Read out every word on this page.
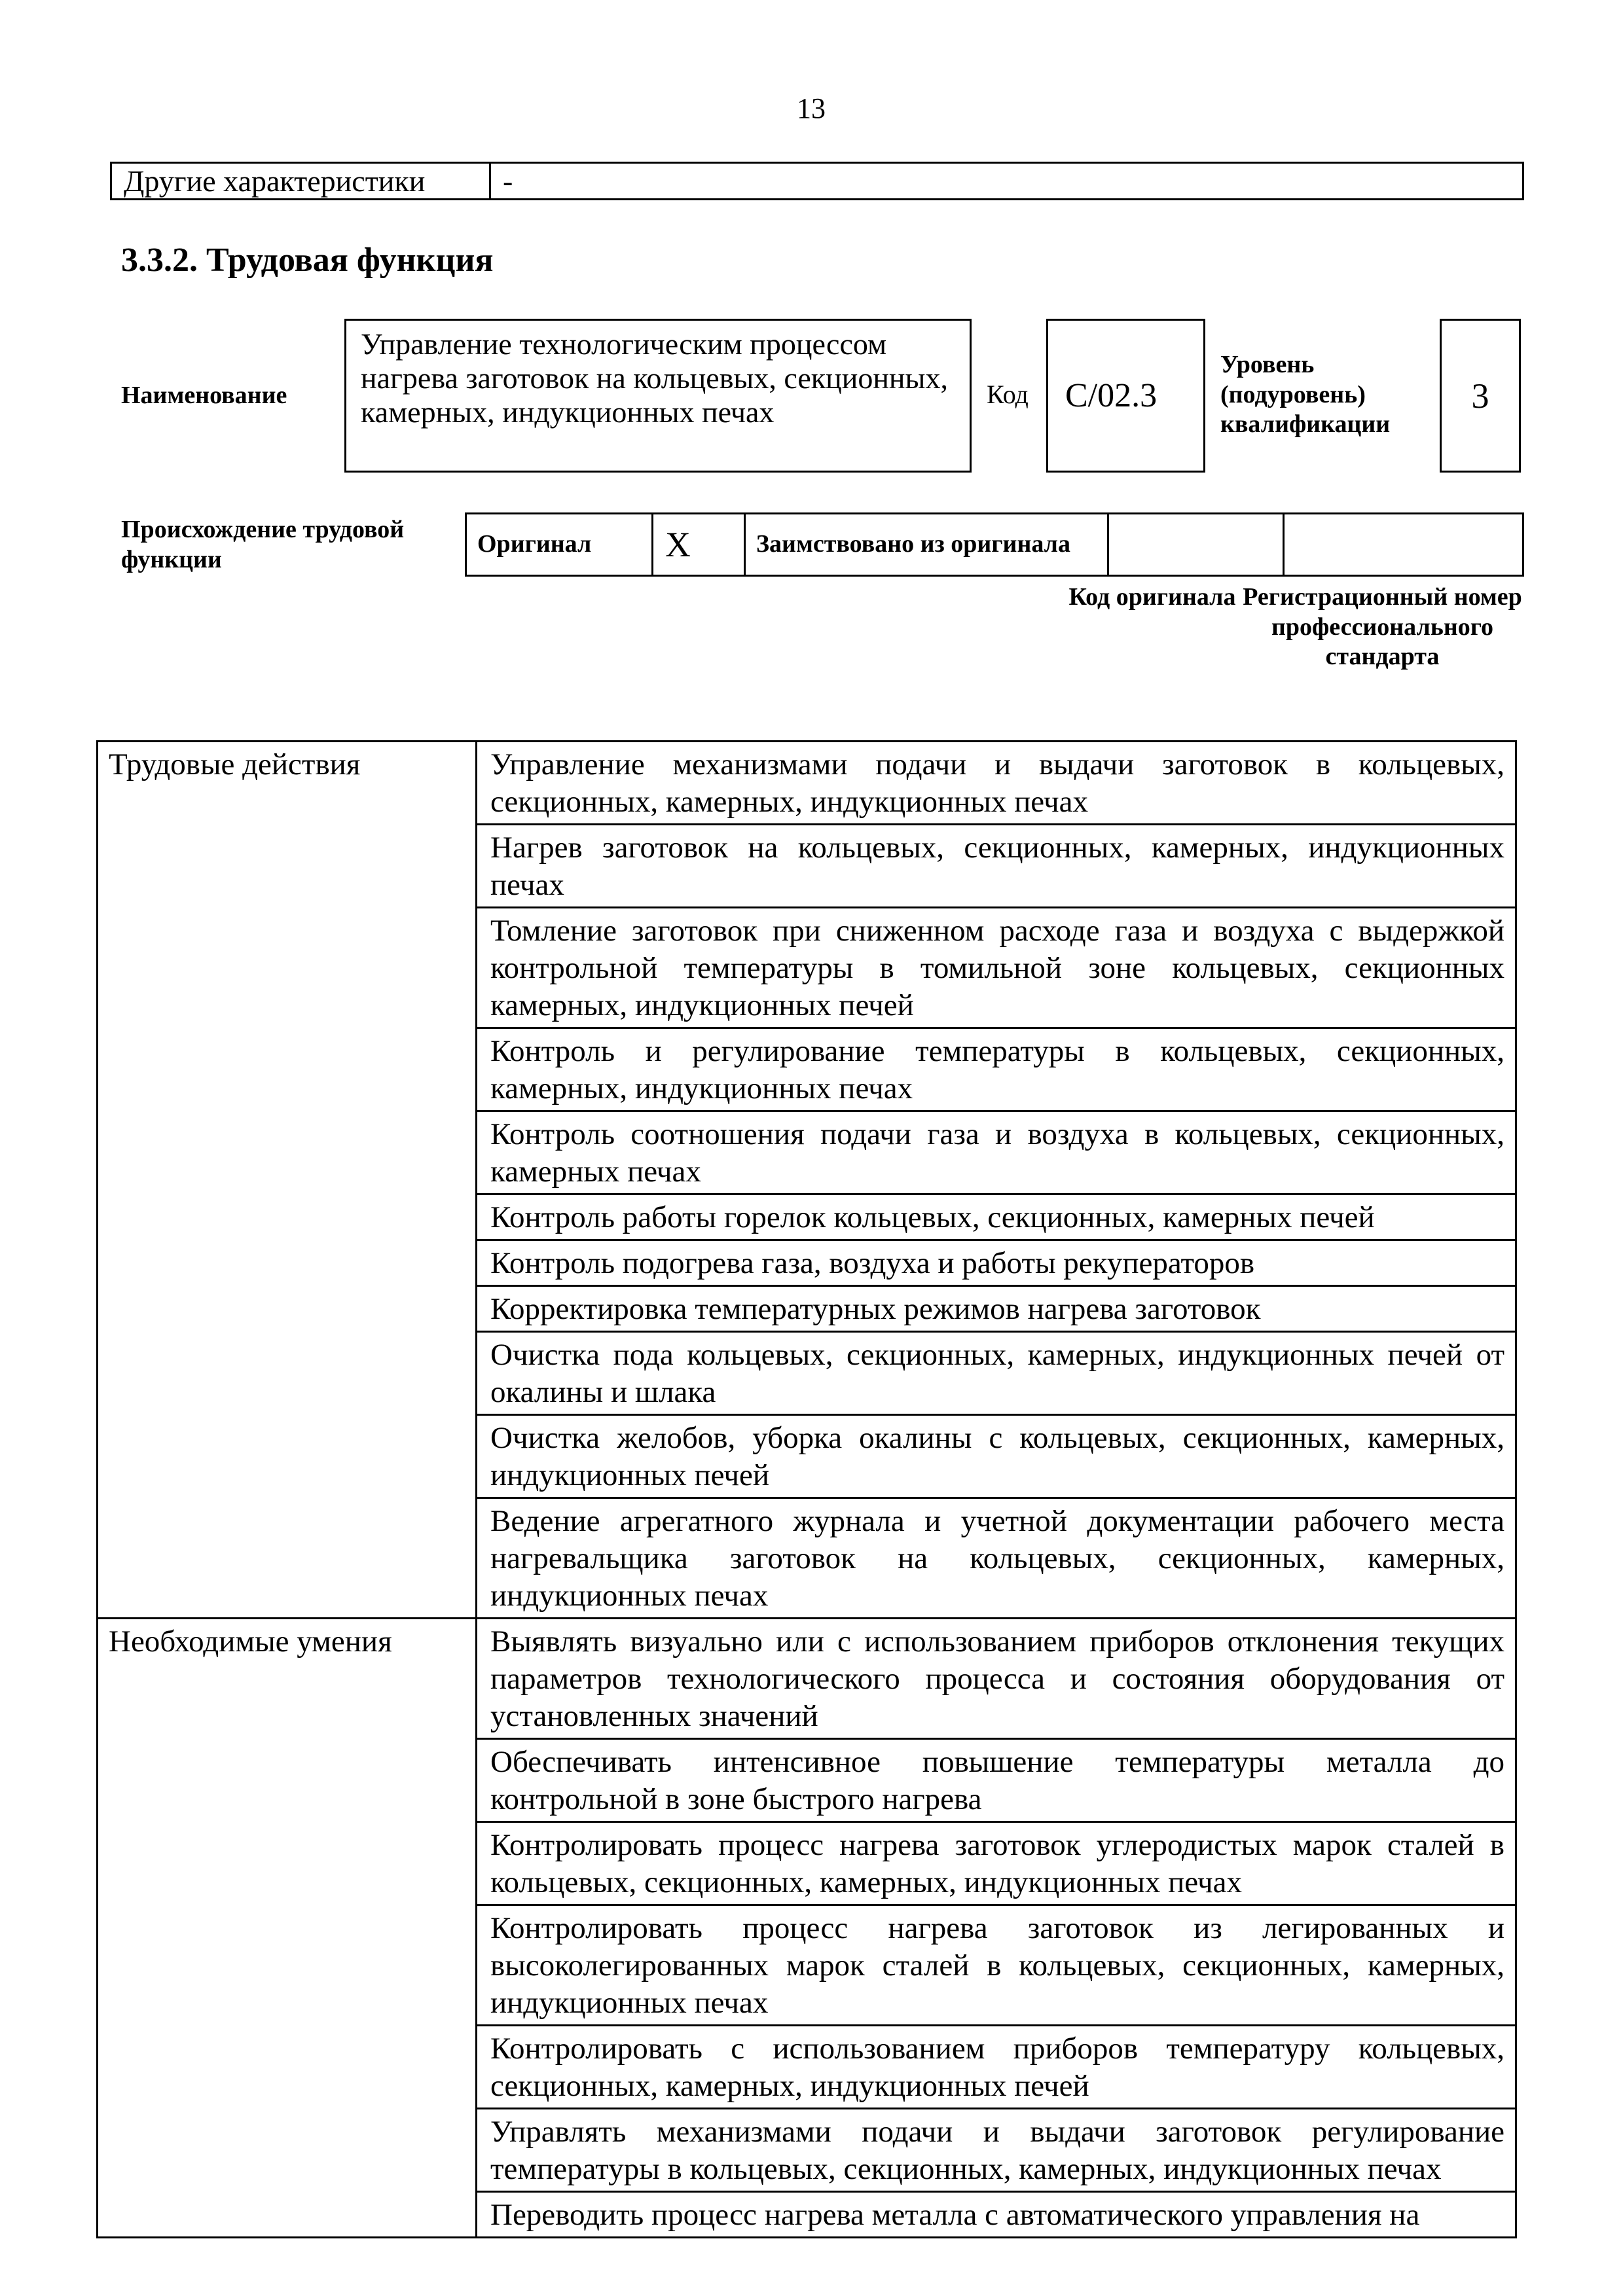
13
Другие характеристики	-
3.3.2. Трудовая функция
Наименование
Управление технологическим процессом нагрева заготовок на кольцевых, секционных, камерных, индукционных печах
Код	C/02.3
Уровень (подуровень) квалификации
3
Происхождение трудовой функции
Оригинал	X	Заимствовано из оригинала		
Код оригинала Регистрационный номер профессионального стандарта
Трудовые действия	Управление механизмами подачи и выдачи заготовок в кольцевых, секционных, камерных, индукционных печах
	Нагрев заготовок на кольцевых, секционных, камерных, индукционных печах
	Томление заготовок при сниженном расходе газа и воздуха с выдержкой контрольной температуры в томильной зоне кольцевых, секционных камерных, индукционных печей
	Контроль и регулирование температуры в кольцевых, секционных, камерных, индукционных печах
	Контроль соотношения подачи газа и воздуха в кольцевых, секционных, камерных печах
	Контроль работы горелок кольцевых, секционных, камерных печей
	Контроль подогрева газа, воздуха и работы рекуператоров
	Корректировка температурных режимов нагрева заготовок
	Очистка пода кольцевых, секционных, камерных, индукционных печей от окалины и шлака
	Очистка желобов, уборка окалины с кольцевых, секционных, камерных, индукционных печей
	Ведение агрегатного журнала и учетной документации рабочего места нагревальщика заготовок на кольцевых, секционных, камерных, индукционных печах
Необходимые умения	Выявлять визуально или с использованием приборов отклонения текущих параметров технологического процесса и состояния оборудования от установленных значений
	Обеспечивать интенсивное повышение температуры металла до контрольной в зоне быстрого нагрева
	Контролировать процесс нагрева заготовок углеродистых марок сталей в кольцевых, секционных, камерных, индукционных печах
	Контролировать процесс нагрева заготовок из легированных и высоколегированных марок сталей в кольцевых, секционных, камерных, индукционных печах
	Контролировать с использованием приборов температуру кольцевых, секционных, камерных, индукционных печей
	Управлять механизмами подачи и выдачи заготовок регулирование температуры в кольцевых, секционных, камерных, индукционных печах
	Переводить процесс нагрева металла с автоматического управления на
